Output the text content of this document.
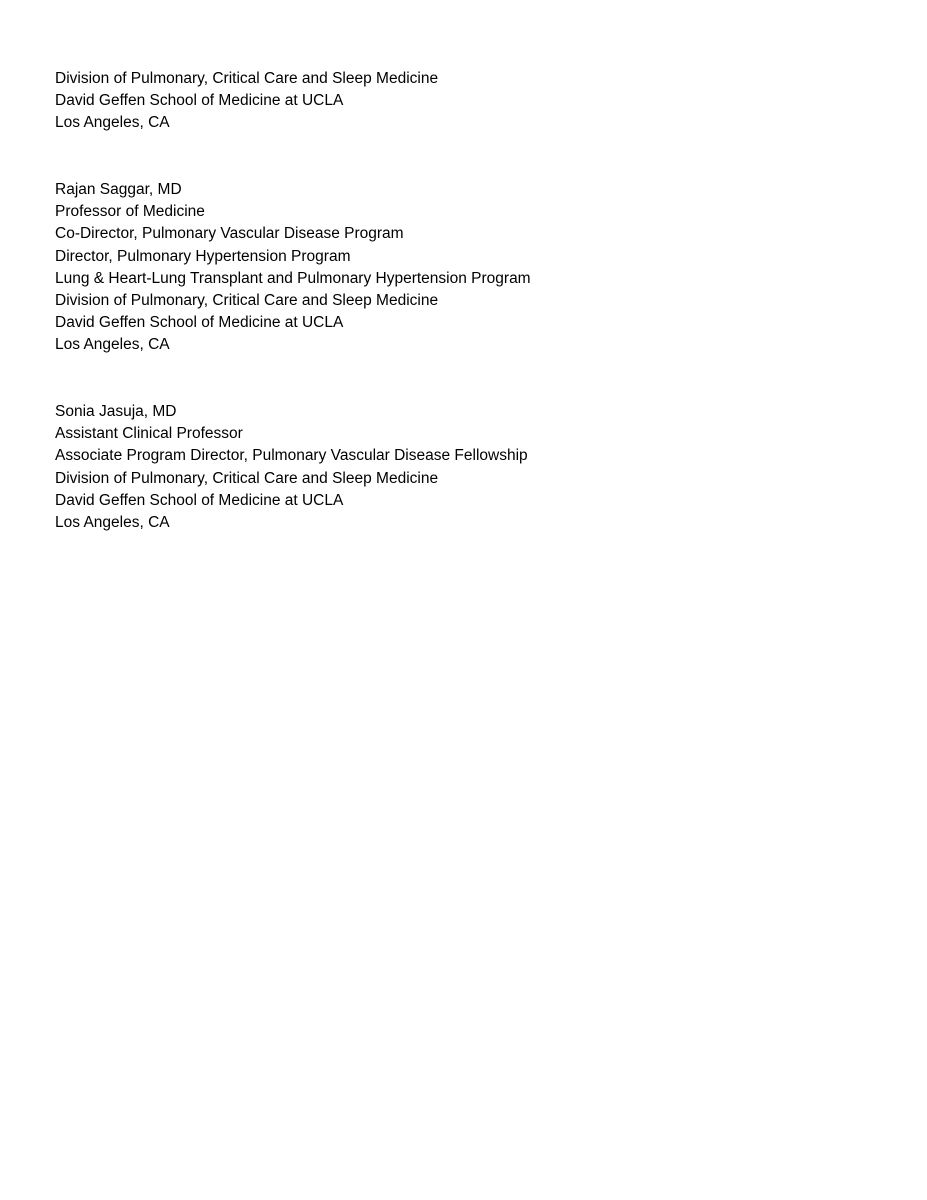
Division of Pulmonary, Critical Care and Sleep Medicine
David Geffen School of Medicine at UCLA
Los Angeles, CA
Rajan Saggar, MD
Professor of Medicine
Co-Director, Pulmonary Vascular Disease Program
Director, Pulmonary Hypertension Program
Lung & Heart-Lung Transplant and Pulmonary Hypertension Program
Division of Pulmonary, Critical Care and Sleep Medicine
David Geffen School of Medicine at UCLA
Los Angeles, CA
Sonia Jasuja, MD
Assistant Clinical Professor
Associate Program Director, Pulmonary Vascular Disease Fellowship
Division of Pulmonary, Critical Care and Sleep Medicine
David Geffen School of Medicine at UCLA
Los Angeles, CA
